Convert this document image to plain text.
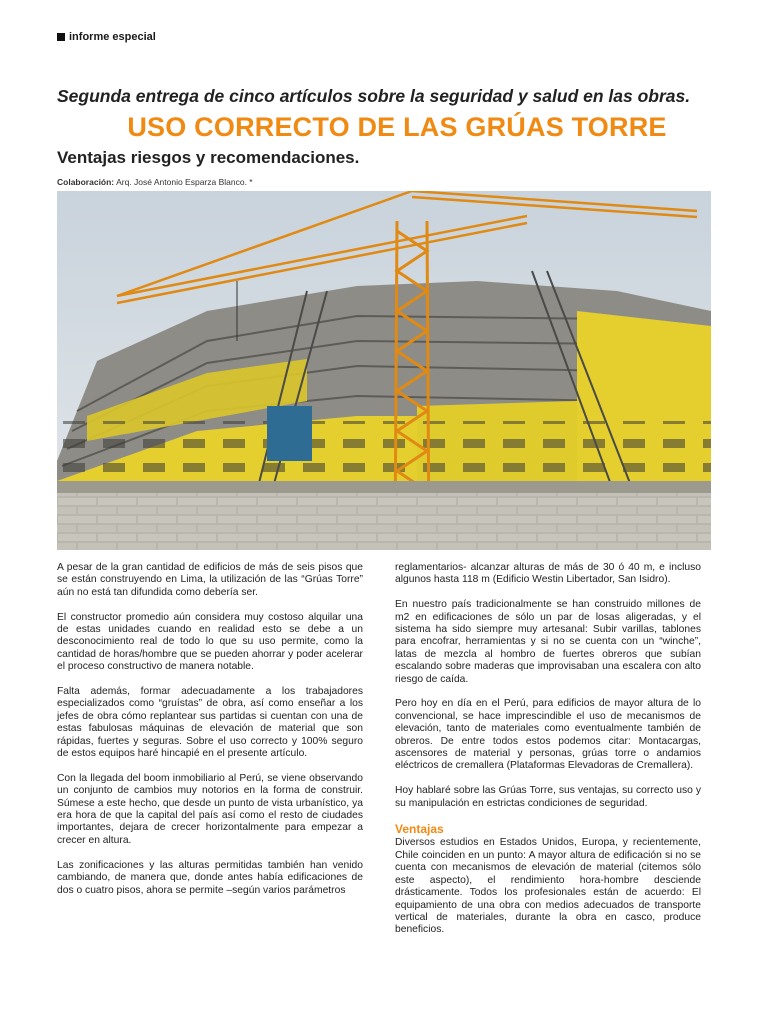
informe especial
Segunda entrega de cinco artículos sobre la seguridad y salud en las obras.
USO CORRECTO DE LAS GRÚAS TORRE
Ventajas riesgos y recomendaciones.
Colaboración: Arq. José Antonio Esparza Blanco. *

A pesar de la gran cantidad de edificios de más de seis pisos que se están construyendo en Lima, la utilización de las “Grúas Torre” aún no está tan difundida como debería ser.

El constructor promedio aún considera muy costoso alquilar una de estas unidades cuando en realidad esto se debe a un desconocimiento real de todo lo que su uso permite, como la cantidad de horas/hombre que se pueden ahorrar y poder acelerar el proceso constructivo de manera notable.

Falta además, formar adecuadamente a los trabajadores especializados como “gruístas” de obra, así como enseñar a los jefes de obra cómo replantear sus partidas si cuentan con una de estas fabulosas máquinas de elevación de material que son rápidas, fuertes y seguras. Sobre el uso correcto y 100% seguro de estos equipos haré hincapié en el presente artículo.

Con la llegada del boom inmobiliario al Perú, se viene observando un conjunto de cambios muy notorios en la forma de construir. Súmese a este hecho, que desde un punto de vista urbanístico, ya era hora de que la capital del país así como el resto de ciudades importantes, dejara de crecer horizontalmente para empezar a crecer en altura.

Las zonificaciones y las alturas permitidas también han venido cambiando, de manera que, donde antes había edificaciones de dos o cuatro pisos, ahora se permite –según varios parámetros

reglamentarios- alcanzar alturas de más de 30 ó 40 m, e incluso algunos hasta 118 m (Edificio Westin Libertador, San Isidro).

En nuestro país tradicionalmente se han construido millones de m2 en edificaciones de sólo un par de losas aligeradas, y el sistema ha sido siempre muy artesanal: Subir varillas, tablones para encofrar, herramientas y si no se cuenta con un “winche”, latas de mezcla al hombro de fuertes obreros que subían escalando sobre maderas que improvisaban una escalera con alto riesgo de caída.

Pero hoy en día en el Perú, para edificios de mayor altura de lo convencional, se hace imprescindible el uso de mecanismos de elevación, tanto de materiales como eventualmente también de obreros. De entre todos estos podemos citar: Montacargas, ascensores de material y personas, grúas torre o andamios eléctricos de cremallera (Plataformas Elevadoras de Cremallera).

Hoy hablaré sobre las Grúas Torre, sus ventajas, su correcto uso y su manipulación en estrictas condiciones de seguridad.

Ventajas

Diversos estudios en Estados Unidos, Europa, y recientemente, Chile coinciden en un punto: A mayor altura de edificación si no se cuenta con mecanismos de elevación de material (citemos sólo este aspecto), el rendimiento hora-hombre desciende drásticamente. Todos los profesionales están de acuerdo: El equipamiento de una obra con medios adecuados de transporte vertical de materiales, durante la obra en casco, produce beneficios.
